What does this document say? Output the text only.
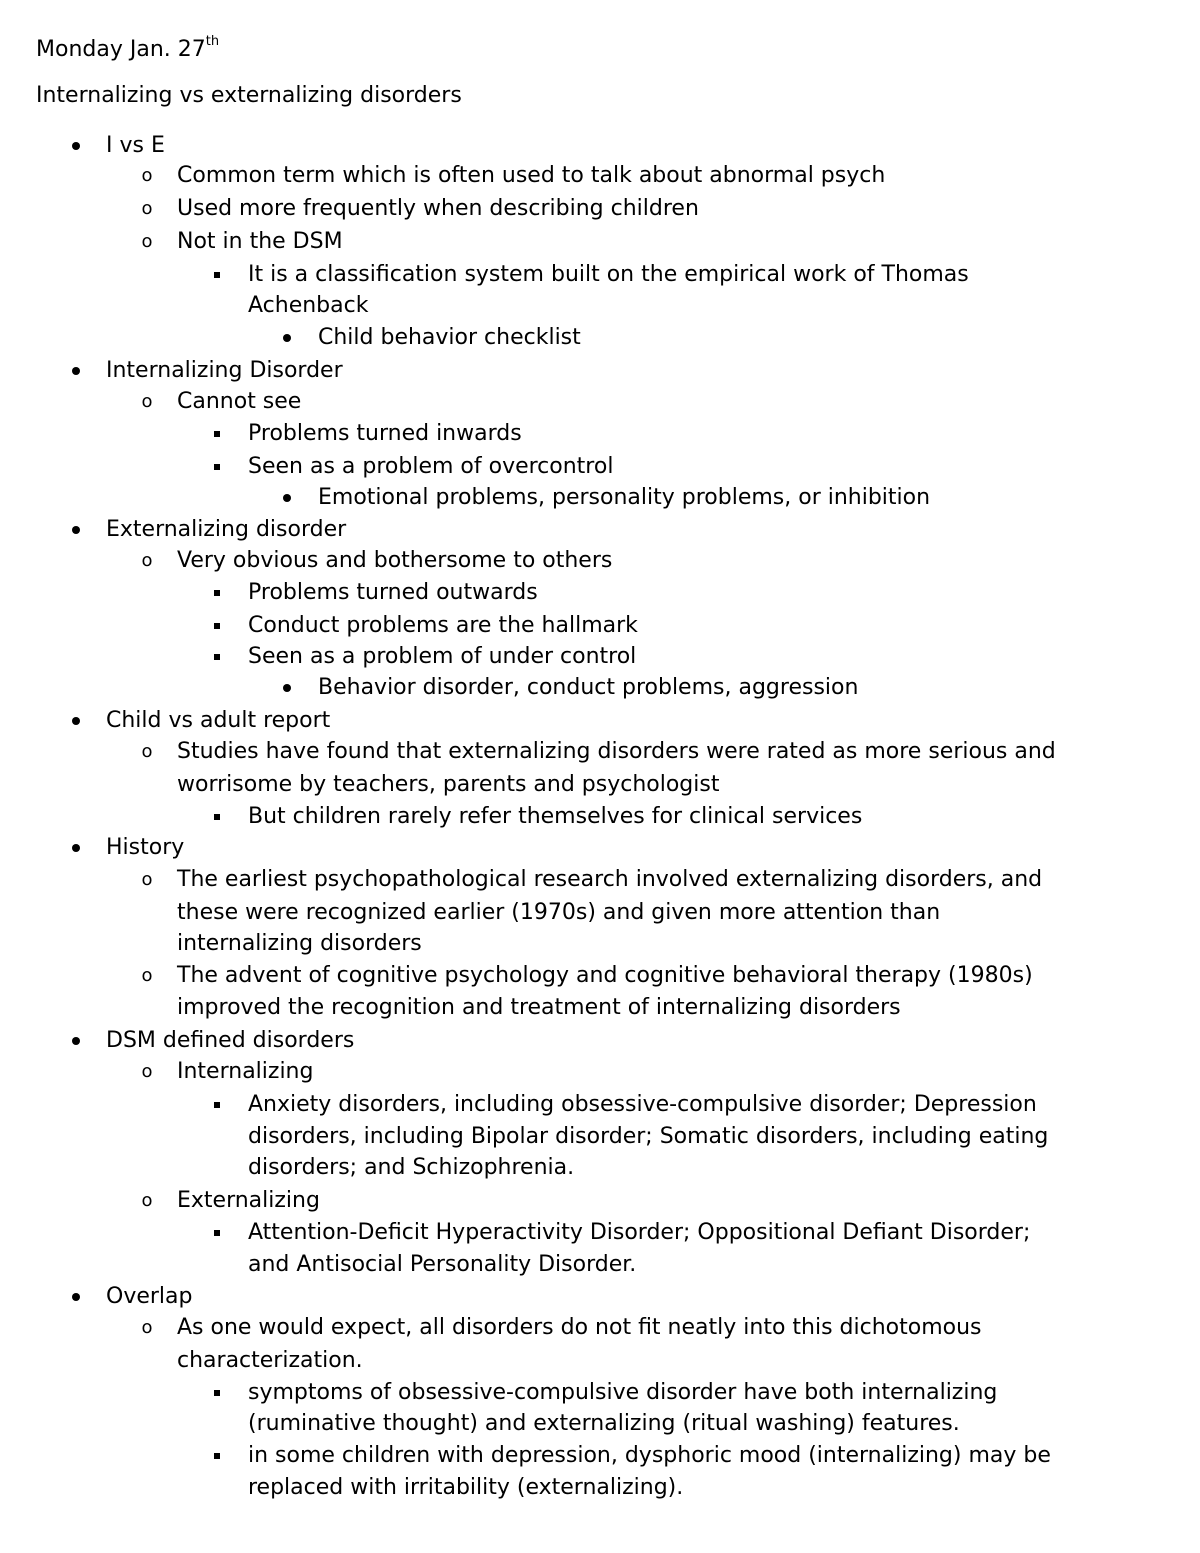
Monday Jan. 27th
Internalizing vs externalizing disorders
I vs E
o Common term which is often used to talk about abnormal psych
o Used more frequently when describing children
o Not in the DSM
It is a classification system built on the empirical work of Thomas
Achenback
Child behavior checklist
Internalizing Disorder
o Cannot see
Problems turned inwards
Seen as a problem of overcontrol
Emotional problems, personality problems, or inhibition
Externalizing disorder
o Very obvious and bothersome to others
Problems turned outwards
Conduct problems are the hallmark
Seen as a problem of under control
Behavior disorder, conduct problems, aggression
Child vs adult report
o Studies have found that externalizing disorders were rated as more serious and
worrisome by teachers, parents and psychologist
But children rarely refer themselves for clinical services
History
o The earliest psychopathological research involved externalizing disorders, and
these were recognized earlier (1970s) and given more attention than
internalizing disorders
o The advent of cognitive psychology and cognitive behavioral therapy (1980s)
improved the recognition and treatment of internalizing disorders
DSM defined disorders
o Internalizing
Anxiety disorders, including obsessive-compulsive disorder; Depression
disorders, including Bipolar disorder; Somatic disorders, including eating
disorders; and Schizophrenia.
o Externalizing
Attention-Deficit Hyperactivity Disorder; Oppositional Defiant Disorder;
and Antisocial Personality Disorder.
Overlap
o As one would expect, all disorders do not fit neatly into this dichotomous
characterization.
symptoms of obsessive-compulsive disorder have both internalizing
(ruminative thought) and externalizing (ritual washing) features.
in some children with depression, dysphoric mood (internalizing) may be
replaced with irritability (externalizing).
